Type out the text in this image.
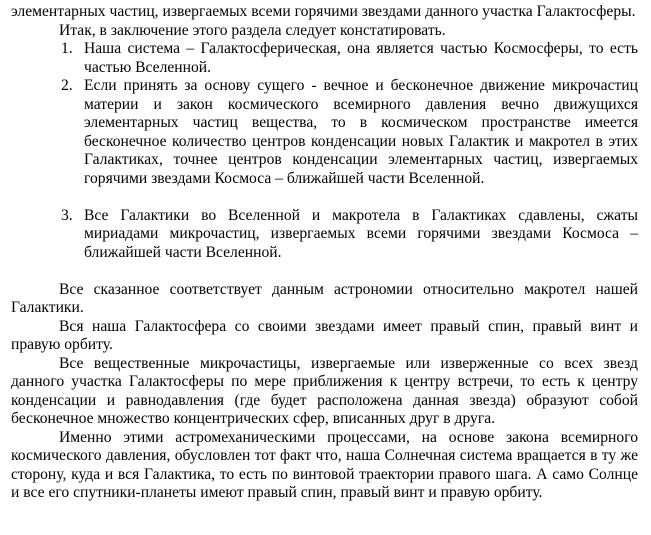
элементарных частиц, извергаемых всеми горячими звездами данного участка Галактосферы.

Итак, в заключение этого раздела следует констатировать.

1. Наша система – Галактосферическая, она является частью Космосферы, то есть частью Вселенной.
2. Если принять за основу сущего - вечное и бесконечное движение микрочастиц материи и закон космического всемирного давления вечно движущихся элементарных частиц вещества, то в космическом пространстве имеется бесконечное количество центров конденсации новых Галактик и макротел в этих Галактиках, точнее центров конденсации элементарных частиц, извергаемых горячими звездами Космоса – ближайшей части Вселенной.
3. Все Галактики во Вселенной и макротела в Галактиках сдавлены, сжаты мириадами микрочастиц, извергаемых всеми горячими звездами Космоса – ближайшей части Вселенной.

Все сказанное соответствует данным астрономии относительно макротел нашей Галактики.

Вся наша Галактосфера со своими звездами имеет правый спин, правый винт и правую орбиту.

Все вещественные микрочастицы, извергаемые или изверженные со всех звезд данного участка Галактосферы по мере приближения к центру встречи, то есть к центру конденсации и равнодавления (где будет расположена данная звезда) образуют собой бесконечное множество концентрических сфер, вписанных друг в друга.

Именно этими астромеханическими процессами, на основе закона всемирного космического давления, обусловлен тот факт что, наша Солнечная система вращается в ту же сторону, куда и вся Галактика, то есть по винтовой траектории правого шага. А само Солнце и все его спутники-планеты имеют правый спин, правый винт и правую орбиту.
